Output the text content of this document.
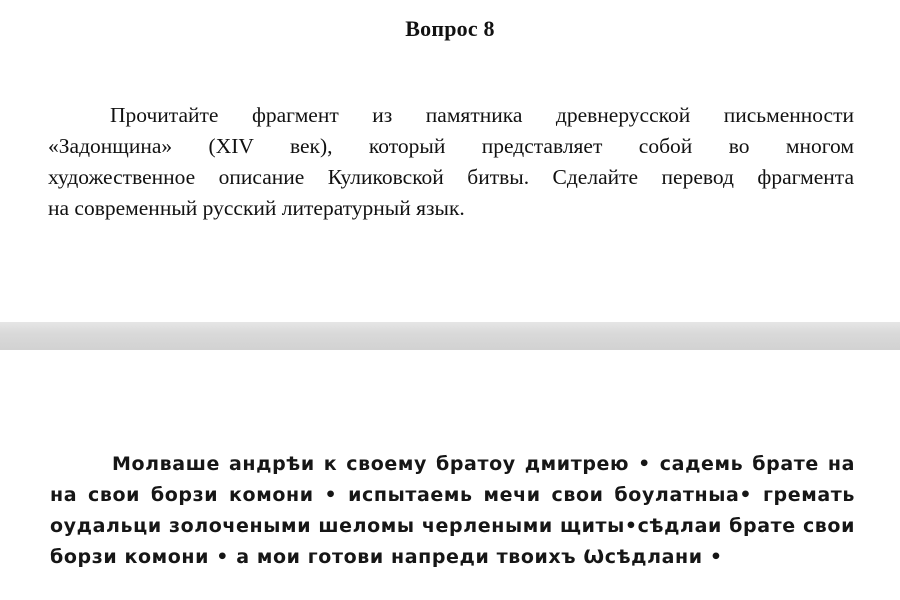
Вопрос 8
Прочитайте фрагмент из памятника древнерусской письменности
«Задонщина» (XIV век), который представляет собой во многом
художественное описание Куликовской битвы. Сделайте перевод фрагмента
на современный русский литературный язык.
Молваше андрѣи к своему братоу дмитрею • садемь брате на
на свои борзи комони • испытаемь мечи свои боулатныа• гремать
оудальци золочеными шеломы черлеными щиты•сѣдлаи брате свои
борзи комони • а мои готови напреди твоихъ Ѡсѣдлани •
